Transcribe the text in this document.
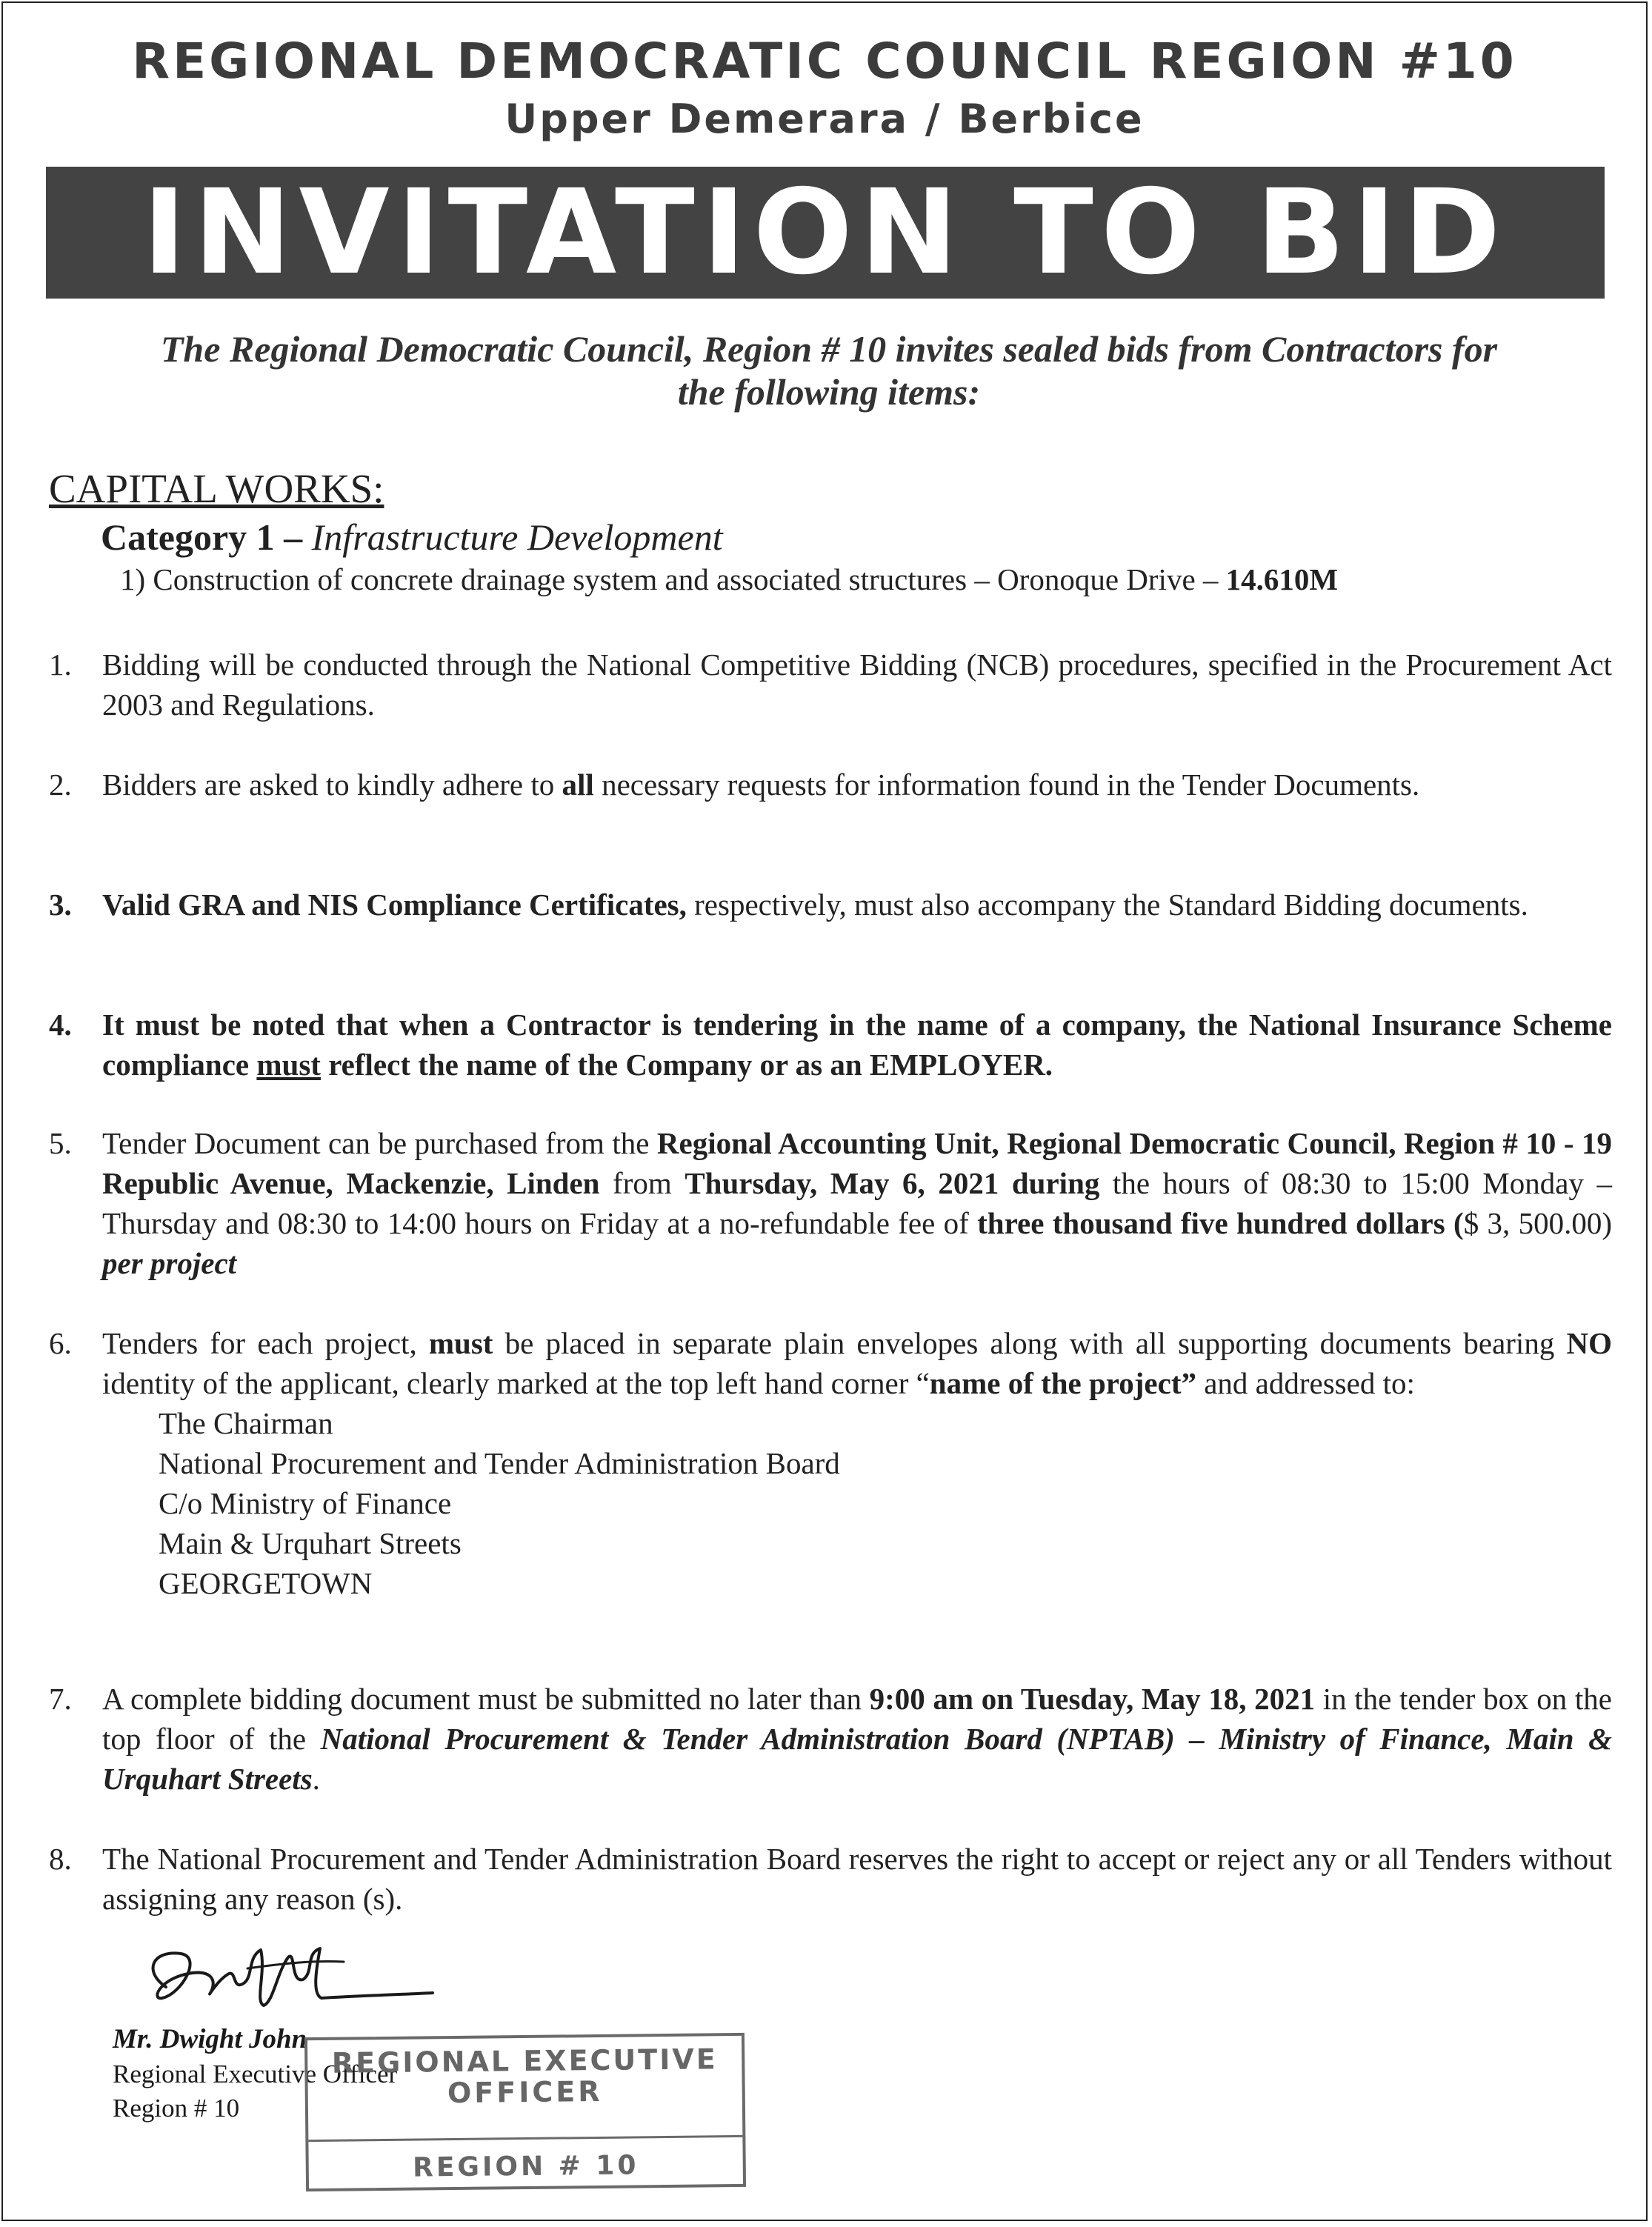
REGIONAL DEMOCRATIC COUNCIL REGION #10
Upper Demerara / Berbice
INVITATION TO BID
The Regional Democratic Council, Region # 10 invites sealed bids from Contractors for
the following items:
CAPITAL WORKS:
Category 1 – Infrastructure Development
1) Construction of concrete drainage system and associated structures – Oronoque Drive – 14.610M
1.	Bidding will be conducted through the National Competitive Bidding (NCB) procedures, specified in the Procurement Act 2003 and Regulations.
2.	Bidders are asked to kindly adhere to all necessary requests for information found in the Tender Documents.
3.	Valid GRA and NIS Compliance Certificates, respectively, must also accompany the Standard Bidding documents.
4.	It must be noted that when a Contractor is tendering in the name of a company, the National Insurance Scheme compliance must reflect the name of the Company or as an EMPLOYER.
5.	Tender Document can be purchased from the Regional Accounting Unit, Regional Democratic Council, Region # 10 - 19 Republic Avenue, Mackenzie, Linden from Thursday, May 6, 2021 during the hours of 08:30 to 15:00 Monday – Thursday and 08:30 to 14:00 hours on Friday at a no-refundable fee of three thousand five hundred dollars ($ 3, 500.00) per project
6.	Tenders for each project, must be placed in separate plain envelopes along with all supporting documents bearing NO identity of the applicant, clearly marked at the top left hand corner “name of the project” and addressed to:
The Chairman
National Procurement and Tender Administration Board
C/o Ministry of Finance
Main & Urquhart Streets
GEORGETOWN
7.	A complete bidding document must be submitted no later than 9:00 am on Tuesday, May 18, 2021 in the tender box on the top floor of the National Procurement & Tender Administration Board (NPTAB) – Ministry of Finance, Main & Urquhart Streets.
8.	The National Procurement and Tender Administration Board reserves the right to accept or reject any or all Tenders without assigning any reason (s).
Mr. Dwight John
Regional Executive Officer
Region # 10
REGIONAL EXECUTIVE
OFFICER
REGION # 10
